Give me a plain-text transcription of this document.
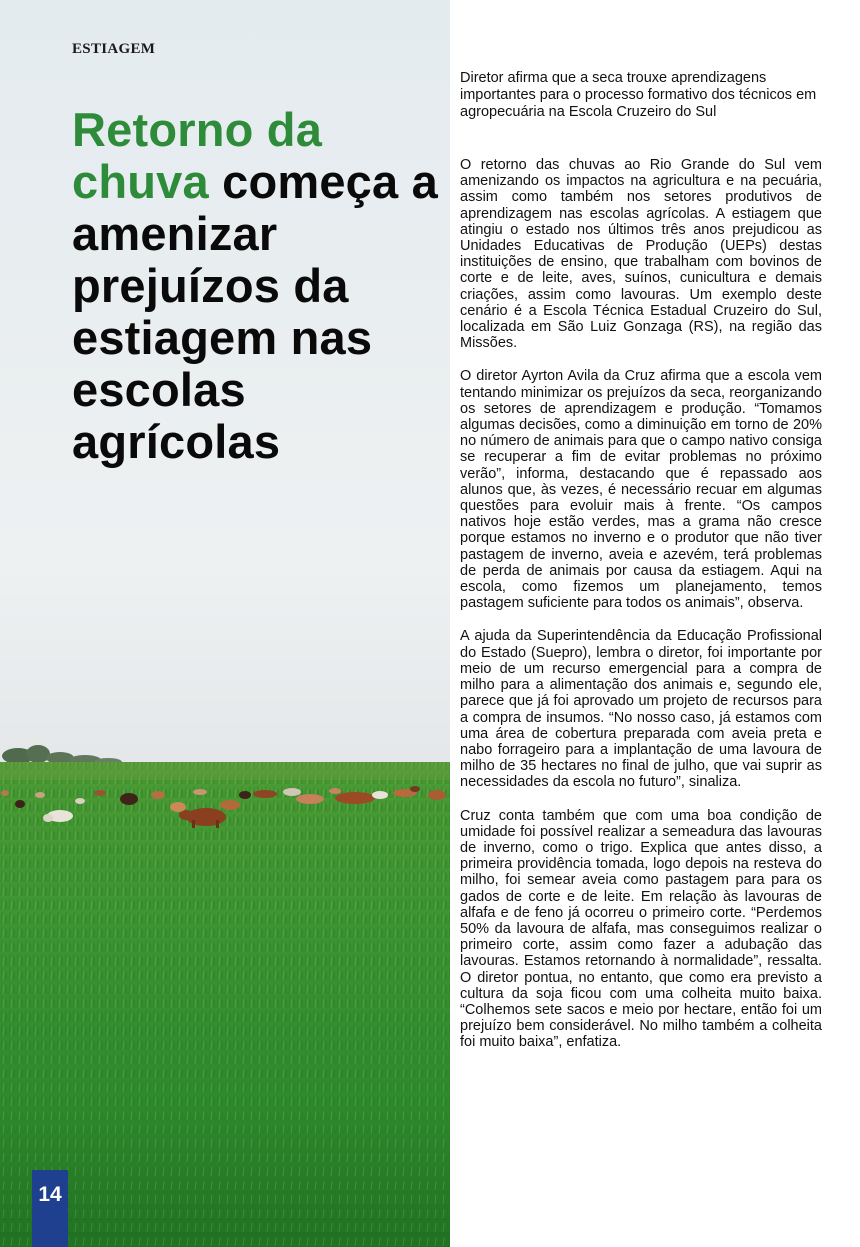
ESTIAGEM
Retorno da chuva começa a amenizar prejuízos da estiagem nas escolas agrícolas

Diretor afirma que a seca trouxe aprendizagens importantes para o processo formativo dos técnicos em agropecuária na Escola Cruzeiro do Sul

O retorno das chuvas ao Rio Grande do Sul vem amenizando os impactos na agricultura e na pecuária, assim como também nos setores produtivos de aprendizagem nas escolas agrícolas. A estiagem que atingiu o estado nos últimos três anos prejudicou as Unidades Educativas de Produção (UEPs) destas instituições de ensino, que trabalham com bovinos de corte e de leite, aves, suínos, cunicultura e demais criações, assim como lavouras. Um exemplo deste cenário é a Escola Técnica Estadual Cruzeiro do Sul, localizada em São Luiz Gonzaga (RS), na região das Missões.

O diretor Ayrton Avila da Cruz afirma que a escola vem tentando minimizar os prejuízos da seca, reorganizando os setores de aprendizagem e produção. “Tomamos algumas decisões, como a diminuição em torno de 20% no número de animais para que o campo nativo consiga se recuperar a fim de evitar problemas no próximo verão”, informa, destacando que é repassado aos alunos que, às vezes, é necessário recuar em algumas questões para evoluir mais à frente. “Os campos nativos hoje estão verdes, mas a grama não cresce porque estamos no inverno e o produtor que não tiver pastagem de inverno, aveia e azevém, terá problemas de perda de animais por causa da estiagem. Aqui na escola, como fizemos um planejamento, temos pastagem suficiente para todos os animais”, observa.

A ajuda da Superintendência da Educação Profissional do Estado (Suepro), lembra o diretor, foi importante por meio de um recurso emergencial para a compra de milho para a alimentação dos animais e, segundo ele, parece que já foi aprovado um projeto de recursos para a compra de insumos. “No nosso caso, já estamos com uma área de cobertura preparada com aveia preta e nabo forrageiro para a implantação de uma lavoura de milho de 35 hectares no final de julho, que vai suprir as necessidades da escola no futuro”, sinaliza.

Cruz conta também que com uma boa condição de umidade foi possível realizar a semeadura das lavouras de inverno, como o trigo. Explica que antes disso, a primeira providência tomada, logo depois na resteva do milho, foi semear aveia como pastagem para para os gados de corte e de leite. Em relação às lavouras de alfafa e de feno já ocorreu o primeiro corte. “Perdemos 50% da lavoura de alfafa, mas conseguimos realizar o primeiro corte, assim como fazer a adubação das lavouras. Estamos retornando à normalidade”, ressalta. O diretor pontua, no entanto, que como era previsto a cultura da soja ficou com uma colheita muito baixa. “Colhemos sete sacos e meio por hectare, então foi um prejuízo bem considerável. No milho também a colheita foi muito baixa”, enfatiza.

14
